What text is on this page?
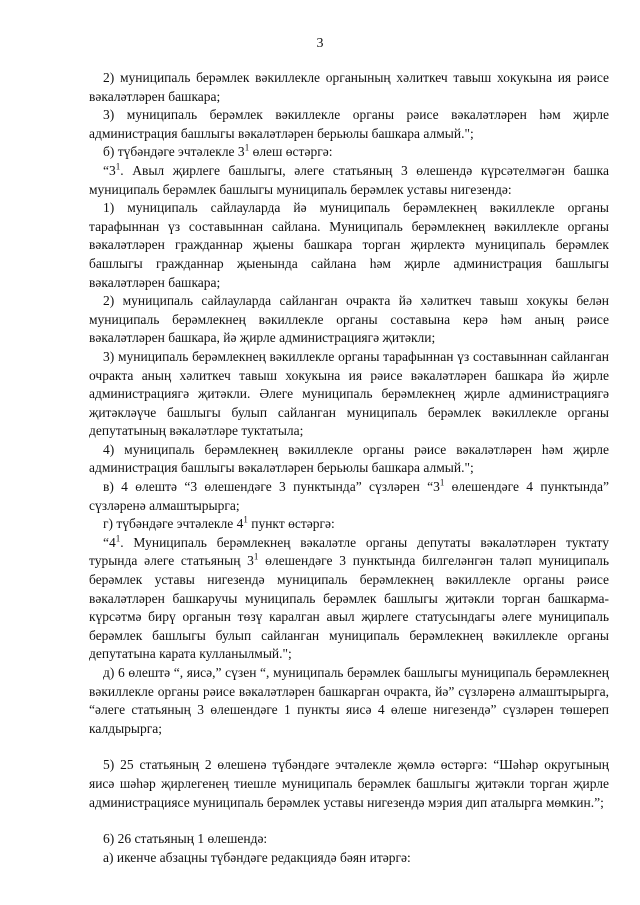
3

2) муниципаль берәмлек вәкиллекле органының хәлиткеч тавыш хокукына ия рәисе вәкаләтләрен башкара;

3) муниципаль берәмлек вәкиллекле органы рәисе вәкаләтләрен һәм җирле администрация башлыгы вәкаләтләрен берьюлы башкара алмый.";

б) түбәндәге эчтәлекле $3^1$ өлеш өстәргә:

“$3^1$. Авыл җирлеге башлыгы, әлеге статьяның 3 өлешендә күрсәтелмәгән башка муниципаль берәмлек башлыгы муниципаль берәмлек уставы нигезендә:

1) муниципаль сайлауларда йә муниципаль берәмлекнең вәкиллекле органы тарафыннан үз составыннан сайлана. Муниципаль берәмлекнең вәкиллекле органы вәкаләтләрен гражданнар җыены башкара торган җирлектә муниципаль берәмлек башлыгы гражданнар җыенында сайлана һәм җирле администрация башлыгы вәкаләтләрен башкара;

2) муниципаль сайлауларда сайланган очракта йә хәлиткеч тавыш хокукы белән муниципаль берәмлекнең вәкиллекле органы составына керә һәм аның рәисе вәкаләтләрен башкара, йә җирле администрациягә җитәкли;

3) муниципаль берәмлекнең вәкиллекле органы тарафыннан үз составыннан сайланган очракта аның хәлиткеч тавыш хокукына ия рәисе вәкаләтләрен башкара йә җирле администрациягә җитәкли. Әлеге муниципаль берәмлекнең җирле администрациягә җитәкләүче башлыгы булып сайланган муниципаль берәмлек вәкиллекле органы депутатының вәкаләтләре туктатыла;

4) муниципаль берәмлекнең вәкиллекле органы рәисе вәкаләтләрен һәм җирле администрация башлыгы вәкаләтләрен берьюлы башкара алмый.";

в) 4 өлештә “3 өлешендәге 3 пунктында” сүзләрен “$3^1$ өлешендәге 4 пунктында” сүзләренә алмаштырырга;

г) түбәндәге эчтәлекле $4^1$ пункт өстәргә:

“$4^1$. Муниципаль берәмлекнең вәкаләтле органы депутаты вәкаләтләрен туктату турында әлеге статьяның $3^1$ өлешендәге 3 пунктында билгеләнгән таләп муниципаль берәмлек уставы нигезендә муниципаль берәмлекнең вәкиллекле органы рәисе вәкаләтләрен башкаручы муниципаль берәмлек башлыгы җитәкли торган башкарма-күрсәтмә бирү органын төзү каралган авыл җирлеге статусындагы әлеге муниципаль берәмлек башлыгы булып сайланган муниципаль берәмлекнең вәкиллекле органы депутатына карата кулланылмый.";

д) 6 өлештә “, яисә,” сүзен “, муниципаль берәмлек башлыгы муниципаль берәмлекнең вәкиллекле органы рәисе вәкаләтләрен башкарган очракта, йә” сүзләренә алмаштырырга, “әлеге статьяның 3 өлешендәге 1 пункты яисә 4 өлеше нигезендә” сүзләрен төшереп калдырырга;

5) 25 статьяның 2 өлешенә түбәндәге эчтәлекле җөмлә өстәргә: “Шәһәр округының яисә шәһәр җирлегенең тиешле муниципаль берәмлек башлыгы җитәкли торган җирле администрациясе муниципаль берәмлек уставы нигезендә мэрия дип аталырга мөмкин.”;

6) 26 статьяның 1 өлешендә:

а) икенче абзацны түбәндәге редакциядә бәян итәргә:
